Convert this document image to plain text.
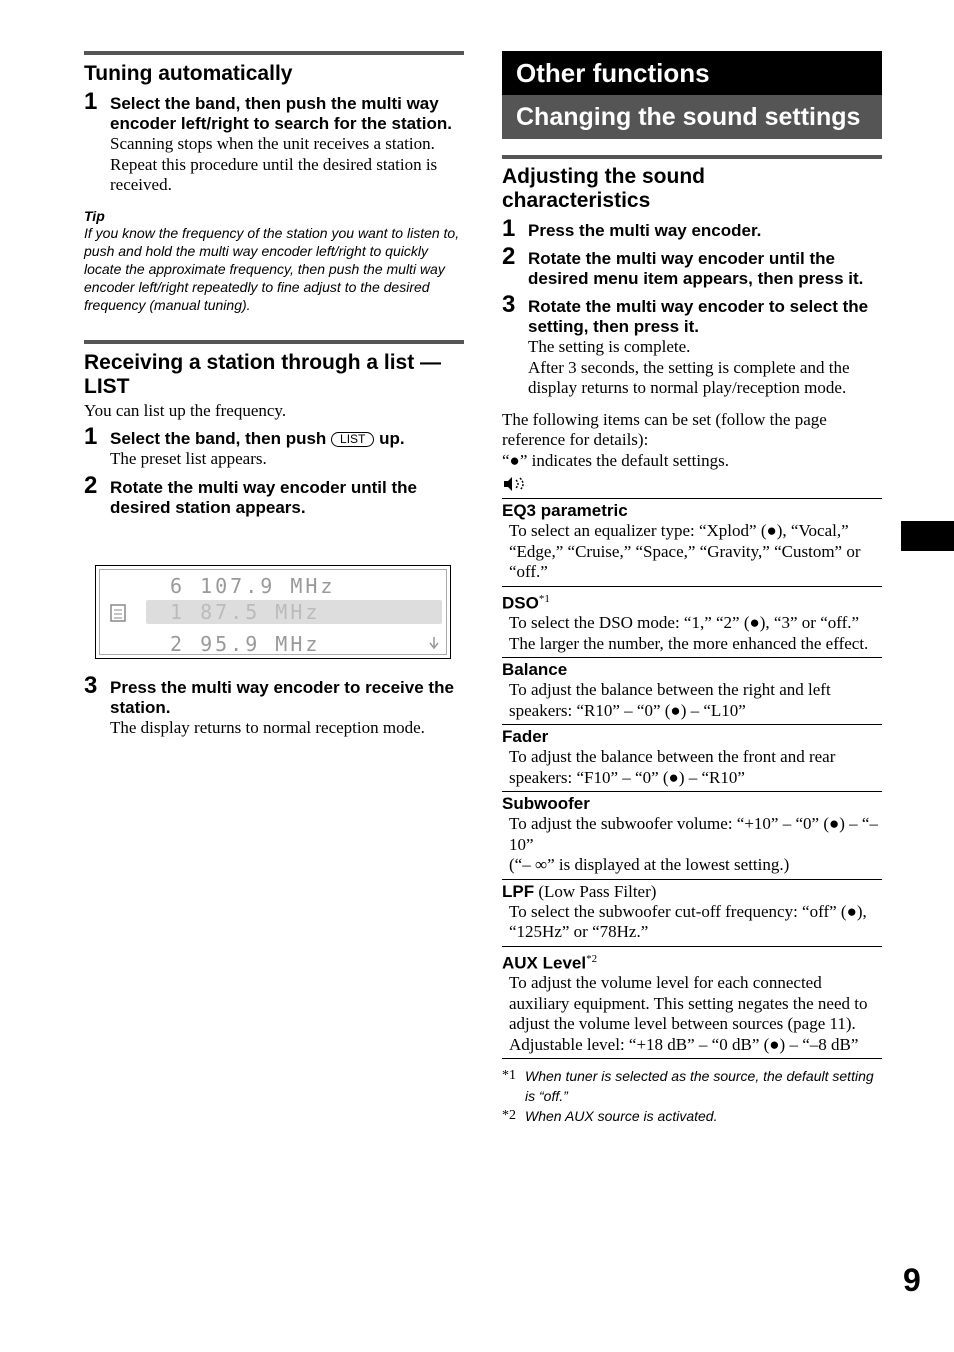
Tuning automatically
1 Select the band, then push the multi way encoder left/right to search for the station.
Scanning stops when the unit receives a station. Repeat this procedure until the desired station is received.
Tip
If you know the frequency of the station you want to listen to, push and hold the multi way encoder left/right to quickly locate the approximate frequency, then push the multi way encoder left/right repeatedly to fine adjust to the desired frequency (manual tuning).
Receiving a station through a list — LIST
You can list up the frequency.
1 Select the band, then push LIST up.
The preset list appears.
2 Rotate the multi way encoder until the desired station appears.
6 107.9 MHz
1 87.5 MHz
2 95.9 MHz
3 Press the multi way encoder to receive the station.
The display returns to normal reception mode.
Other functions
Changing the sound settings
Adjusting the sound characteristics
1 Press the multi way encoder.
2 Rotate the multi way encoder until the desired menu item appears, then press it.
3 Rotate the multi way encoder to select the setting, then press it.
The setting is complete.
After 3 seconds, the setting is complete and the display returns to normal play/reception mode.
The following items can be set (follow the page reference for details):
“●” indicates the default settings.
EQ3 parametric
To select an equalizer type: “Xplod” (●), “Vocal,” “Edge,” “Cruise,” “Space,” “Gravity,” “Custom” or “off.”
DSO$^{*1}$
To select the DSO mode: “1,” “2” (●), “3” or “off.” The larger the number, the more enhanced the effect.
Balance
To adjust the balance between the right and left speakers: “R10” – “0” (●) – “L10”
Fader
To adjust the balance between the front and rear speakers: “F10” – “0” (●) – “R10”
Subwoofer
To adjust the subwoofer volume: “+10” – “0” (●) – “–10”
(“– ∞” is displayed at the lowest setting.)
LPF (Low Pass Filter)
To select the subwoofer cut-off frequency: “off” (●), “125Hz” or “78Hz.”
AUX Level$^{*2}$
To adjust the volume level for each connected auxiliary equipment. This setting negates the need to adjust the volume level between sources (page 11).
Adjustable level: “+18 dB” – “0 dB” (●) – “–8 dB”
*1 When tuner is selected as the source, the default setting is “off.”
*2 When AUX source is activated.
9
